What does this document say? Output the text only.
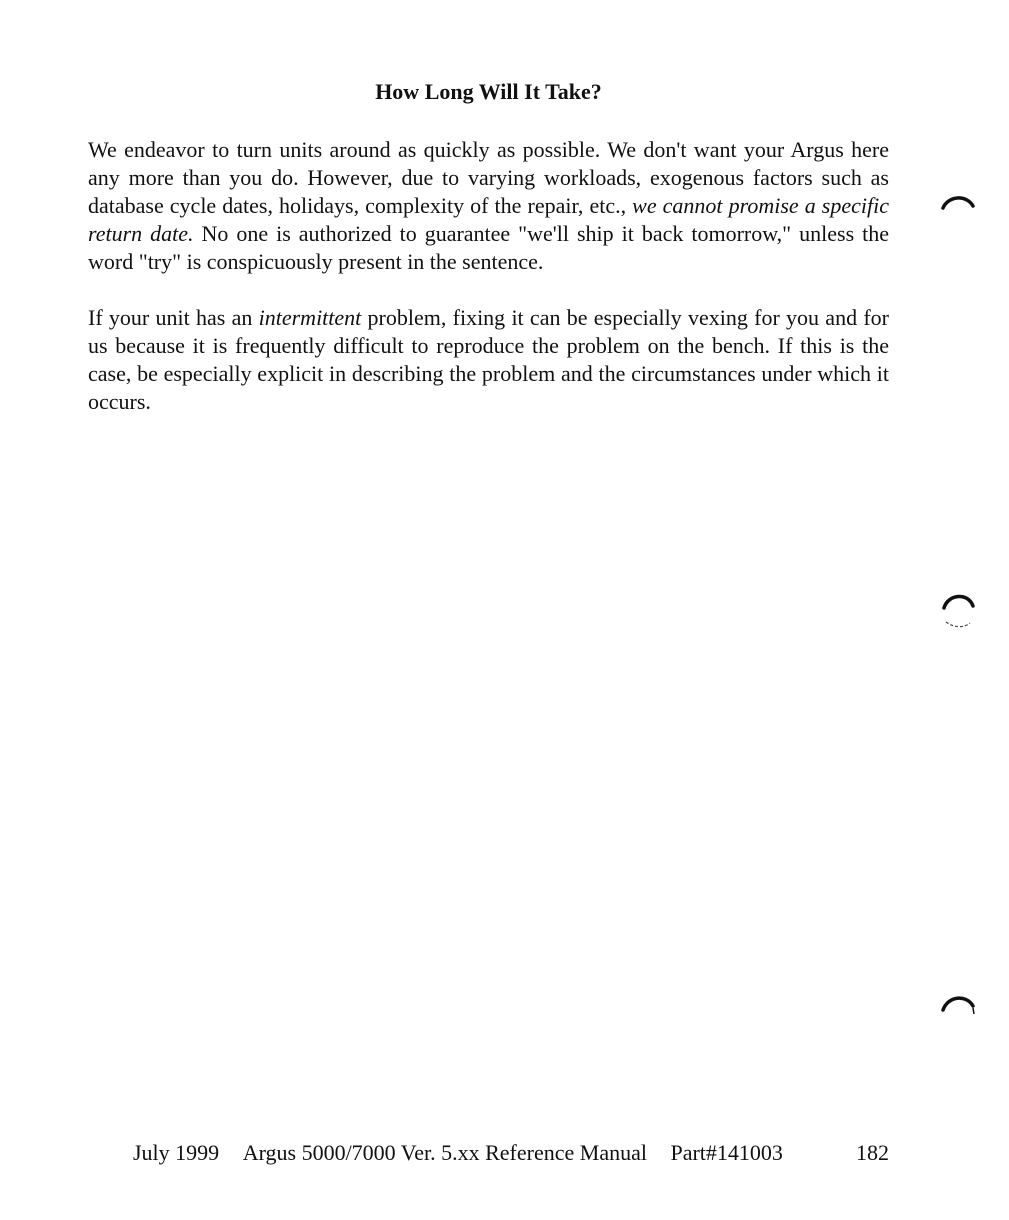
How Long Will It Take?

We endeavor to turn units around as quickly as possible. We don't want your Argus here any more than you do. However, due to varying workloads, exogenous factors such as database cycle dates, holidays, complexity of the repair, etc., we cannot promise a specific return date. No one is authorized to guarantee "we'll ship it back tomorrow," unless the word "try" is conspicuously present in the sentence.

If your unit has an intermittent problem, fixing it can be especially vexing for you and for us because it is frequently difficult to reproduce the problem on the bench. If this is the case, be especially explicit in describing the problem and the circumstances under which it occurs.

July 1999 Argus 5000/7000 Ver. 5.xx Reference Manual Part#141003	182
